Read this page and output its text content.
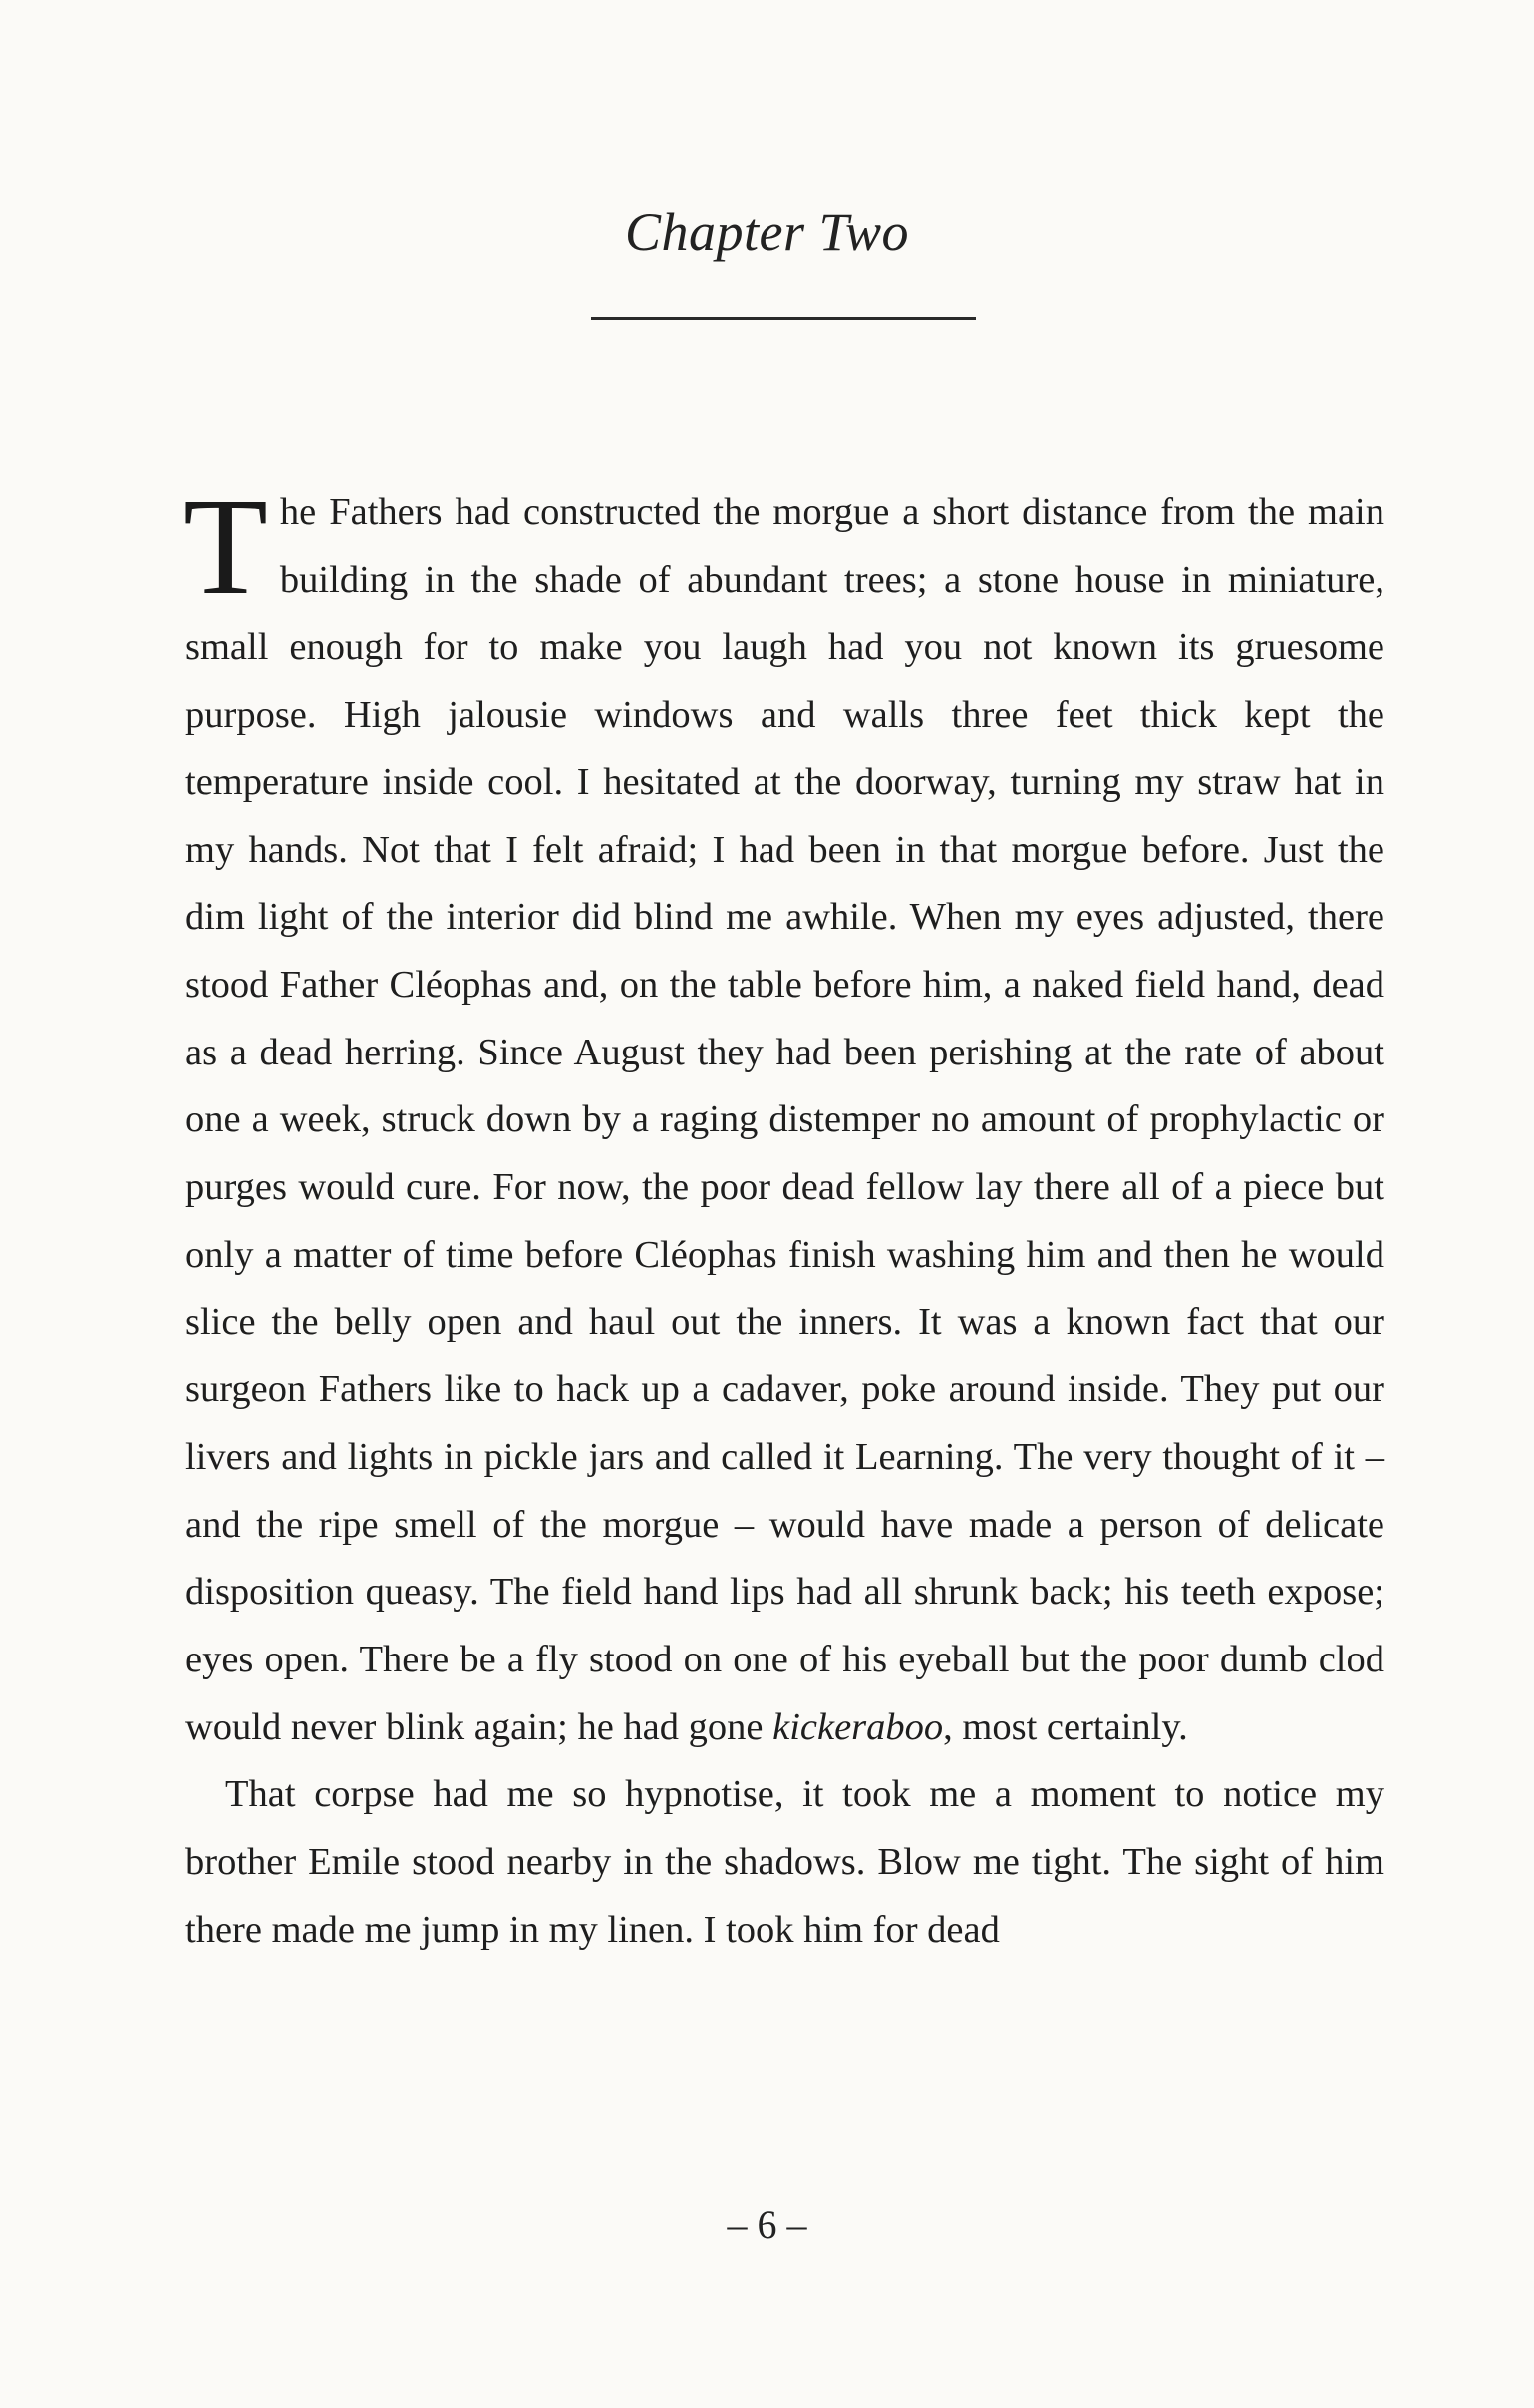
Chapter Two

The Fathers had constructed the morgue a short distance from the main building in the shade of abundant trees; a stone house in miniature, small enough for to make you laugh had you not known its gruesome purpose. High jalousie windows and walls three feet thick kept the temperature inside cool. I hesitated at the doorway, turning my straw hat in my hands. Not that I felt afraid; I had been in that morgue before. Just the dim light of the interior did blind me awhile. When my eyes adjusted, there stood Father Cléophas and, on the table before him, a naked field hand, dead as a dead herring. Since August they had been perishing at the rate of about one a week, struck down by a raging distemper no amount of prophylactic or purges would cure. For now, the poor dead fellow lay there all of a piece but only a matter of time before Cléophas finish washing him and then he would slice the belly open and haul out the inners. It was a known fact that our surgeon Fathers like to hack up a cadaver, poke around inside. They put our livers and lights in pickle jars and called it Learning. The very thought of it – and the ripe smell of the morgue – would have made a person of delicate disposition queasy. The field hand lips had all shrunk back; his teeth expose; eyes open. There be a fly stood on one of his eyeball but the poor dumb clod would never blink again; he had gone kickeraboo, most certainly.

That corpse had me so hypnotise, it took me a moment to notice my brother Emile stood nearby in the shadows. Blow me tight. The sight of him there made me jump in my linen. I took him for dead

– 6 –
